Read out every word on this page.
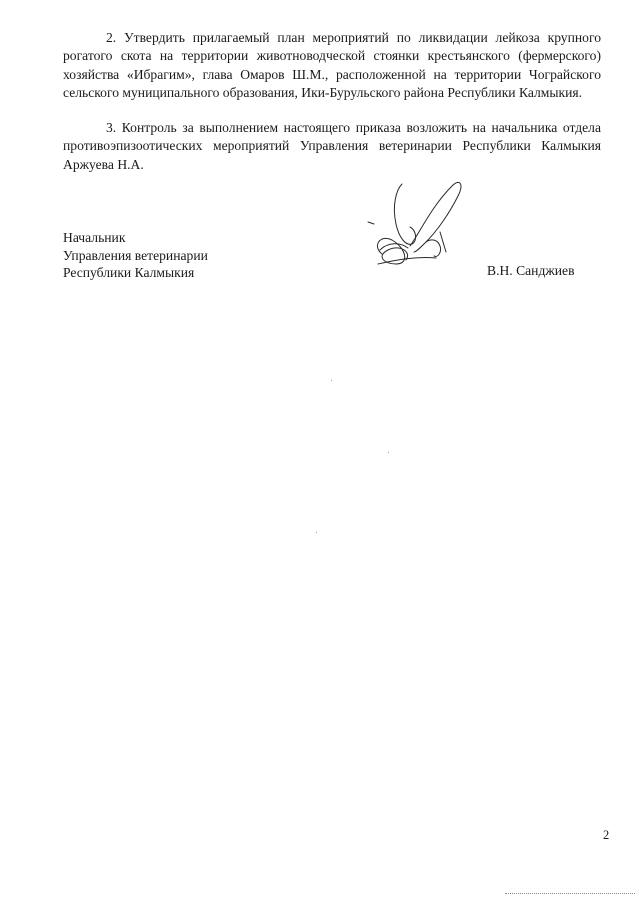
2. Утвердить прилагаемый план мероприятий по ликвидации лейкоза крупного рогатого скота на территории животноводческой стоянки крестьянского (фермерского) хозяйства «Ибрагим», глава Омаров Ш.М., расположенной на территории Чограйского сельского муниципального образования, Ики-Бурульского района Республики Калмыкия.

3. Контроль за выполнением настоящего приказа возложить на начальника отдела противоэпизоотических мероприятий Управления ветеринарии Республики Калмыкия Аржуева Н.А.

Начальник
Управления ветеринарии
Республики Калмыкия	В.Н. Санджиев
2
